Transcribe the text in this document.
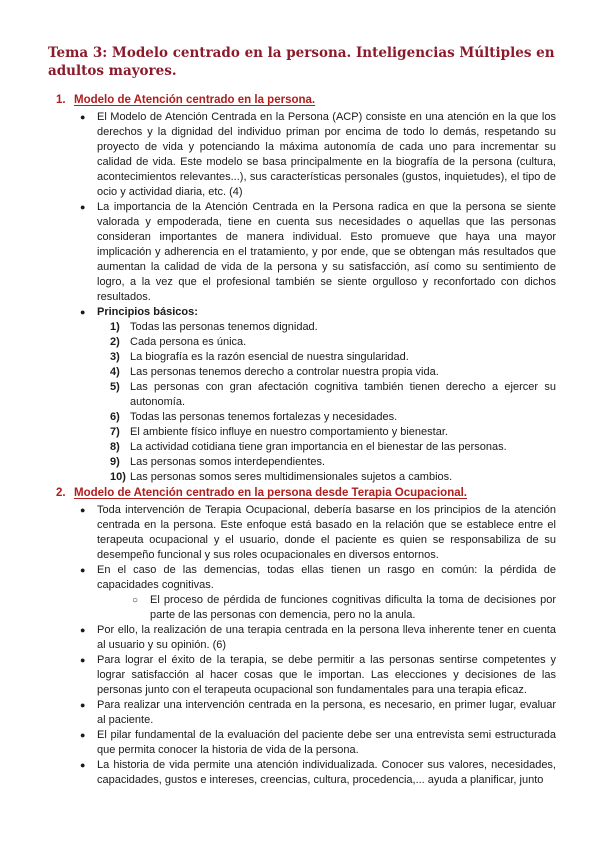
Tema 3: Modelo centrado en la persona. Inteligencias Múltiples en adultos mayores.
1. Modelo de Atención centrado en la persona.
● El Modelo de Atención Centrada en la Persona (ACP) consiste en una atención en la que los derechos y la dignidad del individuo priman por encima de todo lo demás, respetando su proyecto de vida y potenciando la máxima autonomía de cada uno para incrementar su calidad de vida. Este modelo se basa principalmente en la biografía de la persona (cultura, acontecimientos relevantes...), sus características personales (gustos, inquietudes), el tipo de ocio y actividad diaria, etc. (4)
● La importancia de la Atención Centrada en la Persona radica en que la persona se siente valorada y empoderada, tiene en cuenta sus necesidades o aquellas que las personas consideran importantes de manera individual. Esto promueve que haya una mayor implicación y adherencia en el tratamiento, y por ende, que se obtengan más resultados que aumentan la calidad de vida de la persona y su satisfacción, así como su sentimiento de logro, a la vez que el profesional también se siente orgulloso y reconfortado con dichos resultados.
● Principios básicos:
1) Todas las personas tenemos dignidad.
2) Cada persona es única.
3) La biografía es la razón esencial de nuestra singularidad.
4) Las personas tenemos derecho a controlar nuestra propia vida.
5) Las personas con gran afectación cognitiva también tienen derecho a ejercer su autonomía.
6) Todas las personas tenemos fortalezas y necesidades.
7) El ambiente físico influye en nuestro comportamiento y bienestar.
8) La actividad cotidiana tiene gran importancia en el bienestar de las personas.
9) Las personas somos interdependientes.
10) Las personas somos seres multidimensionales sujetos a cambios.
2. Modelo de Atención centrado en la persona desde Terapia Ocupacional.
● Toda intervención de Terapia Ocupacional, debería basarse en los principios de la atención centrada en la persona. Este enfoque está basado en la relación que se establece entre el terapeuta ocupacional y el usuario, donde el paciente es quien se responsabiliza de su desempeño funcional y sus roles ocupacionales en diversos entornos.
● En el caso de las demencias, todas ellas tienen un rasgo en común: la pérdida de capacidades cognitivas.
○ El proceso de pérdida de funciones cognitivas dificulta la toma de decisiones por parte de las personas con demencia, pero no la anula.
● Por ello, la realización de una terapia centrada en la persona lleva inherente tener en cuenta al usuario y su opinión. (6)
● Para lograr el éxito de la terapia, se debe permitir a las personas sentirse competentes y lograr satisfacción al hacer cosas que le importan. Las elecciones y decisiones de las personas junto con el terapeuta ocupacional son fundamentales para una terapia eficaz.
● Para realizar una intervención centrada en la persona, es necesario, en primer lugar, evaluar al paciente.
● El pilar fundamental de la evaluación del paciente debe ser una entrevista semi estructurada que permita conocer la historia de vida de la persona.
● La historia de vida permite una atención individualizada. Conocer sus valores, necesidades, capacidades, gustos e intereses, creencias, cultura, procedencia,... ayuda a planificar, junto
